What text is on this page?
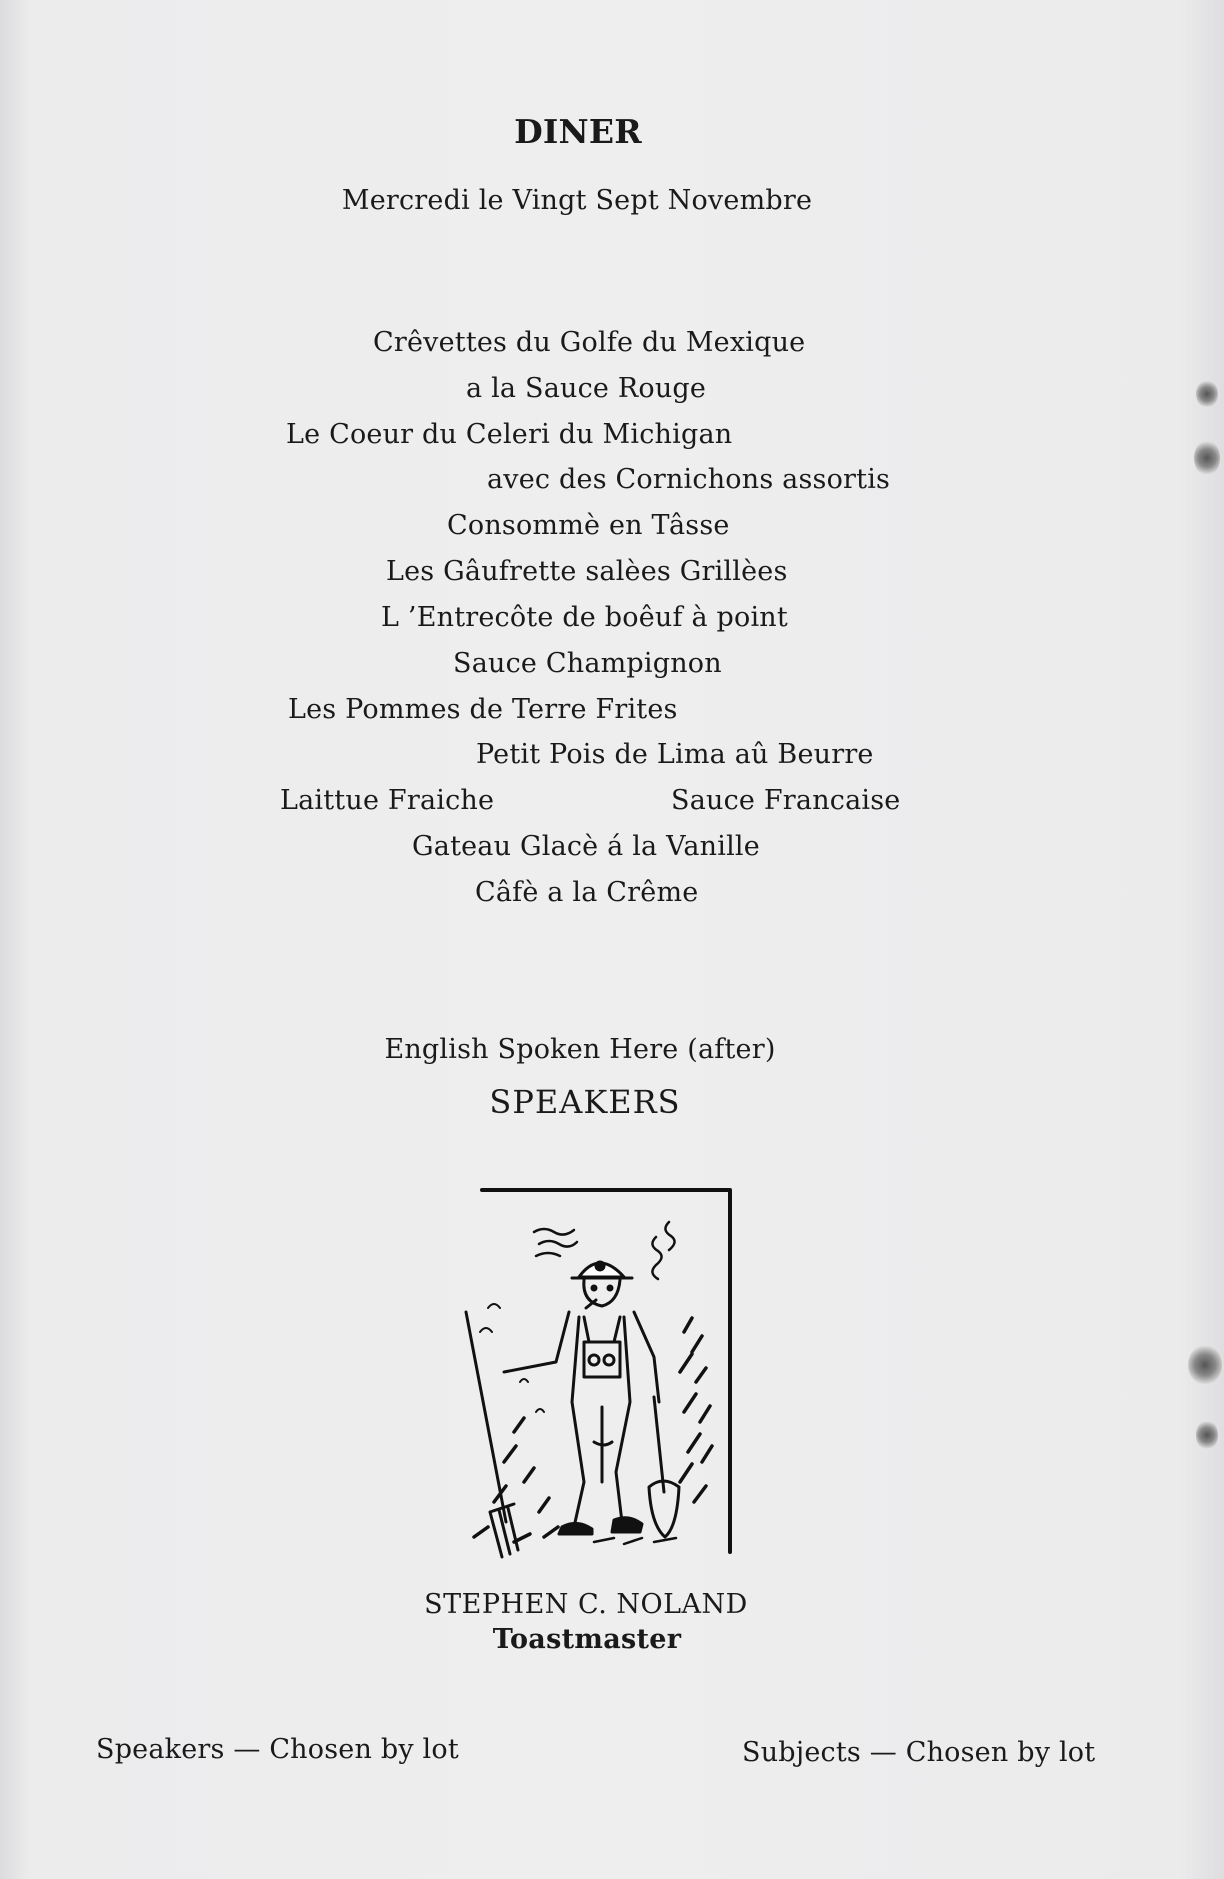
DINER
Mercredi le Vingt Sept Novembre
Crêvettes du Golfe du Mexique
a la Sauce Rouge
Le Coeur du Celeri du Michigan
avec des Cornichons assortis
Consommè en Tâsse
Les Gâufrette salèes Grillèes
L ’Entrecôte de boêuf à point
Sauce Champignon
Les Pommes de Terre Frites
Petit Pois de Lima aû Beurre
Laittue Fraiche	Sauce Francaise
Gateau Glacè á la Vanille
Câfè a la Crême
English Spoken Here (after)
SPEAKERS
STEPHEN C. NOLAND
Toastmaster
Speakers — Chosen by lot	Subjects — Chosen by lot
